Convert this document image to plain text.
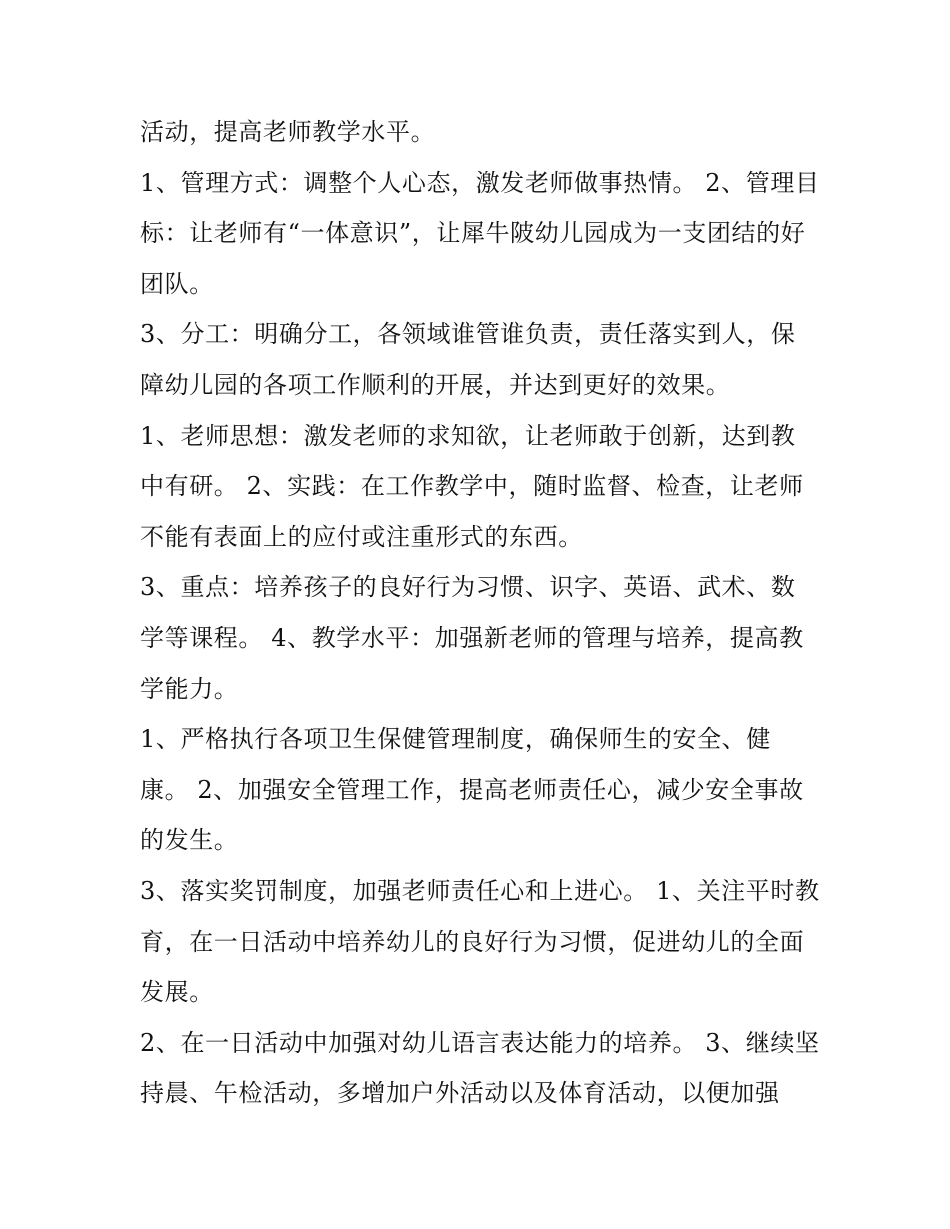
活动，提高老师教学水平。

1、管理方式：调整个人心态，激发老师做事热情。 2、管理目标：让老师有“一体意识”，让犀牛陂幼儿园成为一支团结的好团队。

3、分工：明确分工，各领域谁管谁负责，责任落实到人，保障幼儿园的各项工作顺利的开展，并达到更好的效果。

1、老师思想：激发老师的求知欲，让老师敢于创新，达到教中有研。 2、实践：在工作教学中，随时监督、检查，让老师不能有表面上的应付或注重形式的东西。

3、重点：培养孩子的良好行为习惯、识字、英语、武术、数学等课程。 4、教学水平：加强新老师的管理与培养，提高教学能力。

1、严格执行各项卫生保健管理制度，确保师生的安全、健康。 2、加强安全管理工作，提高老师责任心，减少安全事故的发生。

3、落实奖罚制度，加强老师责任心和上进心。 1、关注平时教育，在一日活动中培养幼儿的良好行为习惯，促进幼儿的全面发展。

2、在一日活动中加强对幼儿语言表达能力的培养。 3、继续坚持晨、午检活动，多增加户外活动以及体育活动，以便加强
